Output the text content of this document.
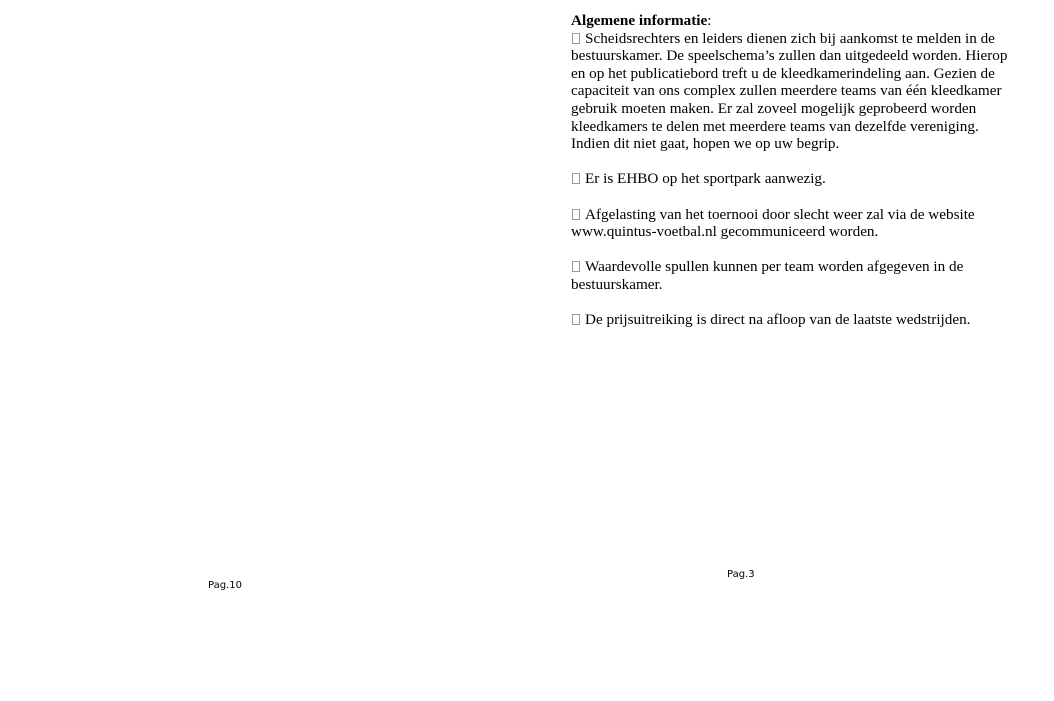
Pag.10

Algemene informatie:

Scheidsrechters en leiders dienen zich bij aankomst te melden in de bestuurskamer. De speelschema’s zullen dan uitgedeeld worden. Hierop en op het publicatiebord treft u de kleedkamerindeling aan. Gezien de capaciteit van ons complex zullen meerdere teams van één kleedkamer gebruik moeten maken. Er zal zoveel mogelijk geprobeerd worden kleedkamers te delen met meerdere teams van dezelfde vereniging. Indien dit niet gaat, hopen we op uw begrip.

Er is EHBO op het sportpark aanwezig.

Afgelasting van het toernooi door slecht weer zal via de website www.quintus-voetbal.nl gecommuniceerd worden.

Waardevolle spullen kunnen per team worden afgegeven in de bestuurskamer.

De prijsuitreiking is direct na afloop van de laatste wedstrijden.

Pag.3
